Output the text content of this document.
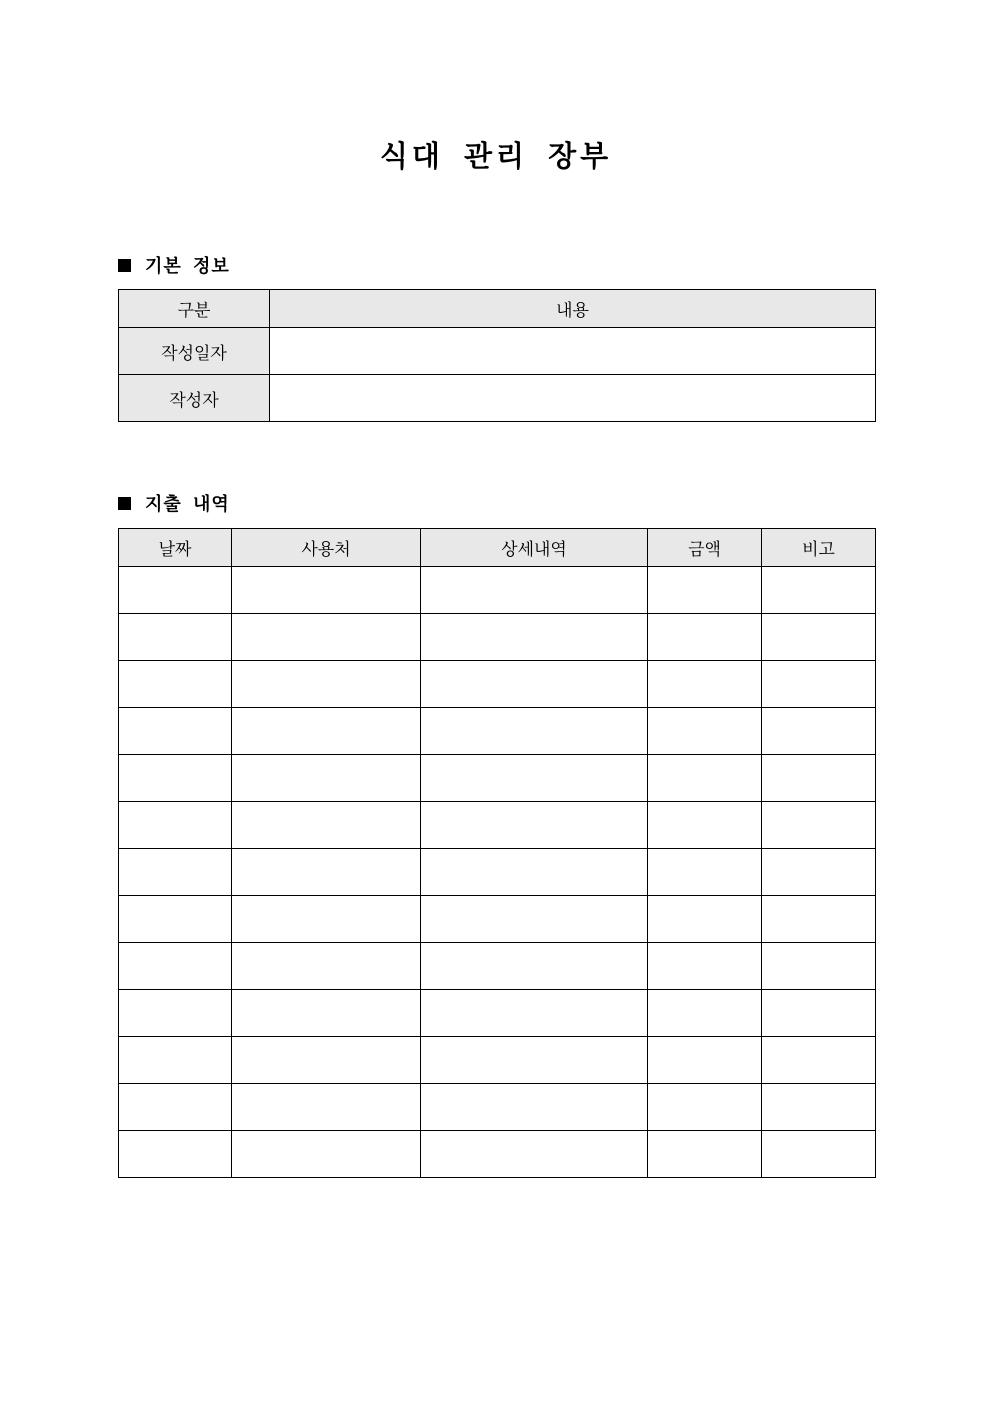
식대 관리 장부
기본 정보
구분	내용
작성일자	
작성자	
지출 내역
날짜	사용처	상세내역	금액	비고
